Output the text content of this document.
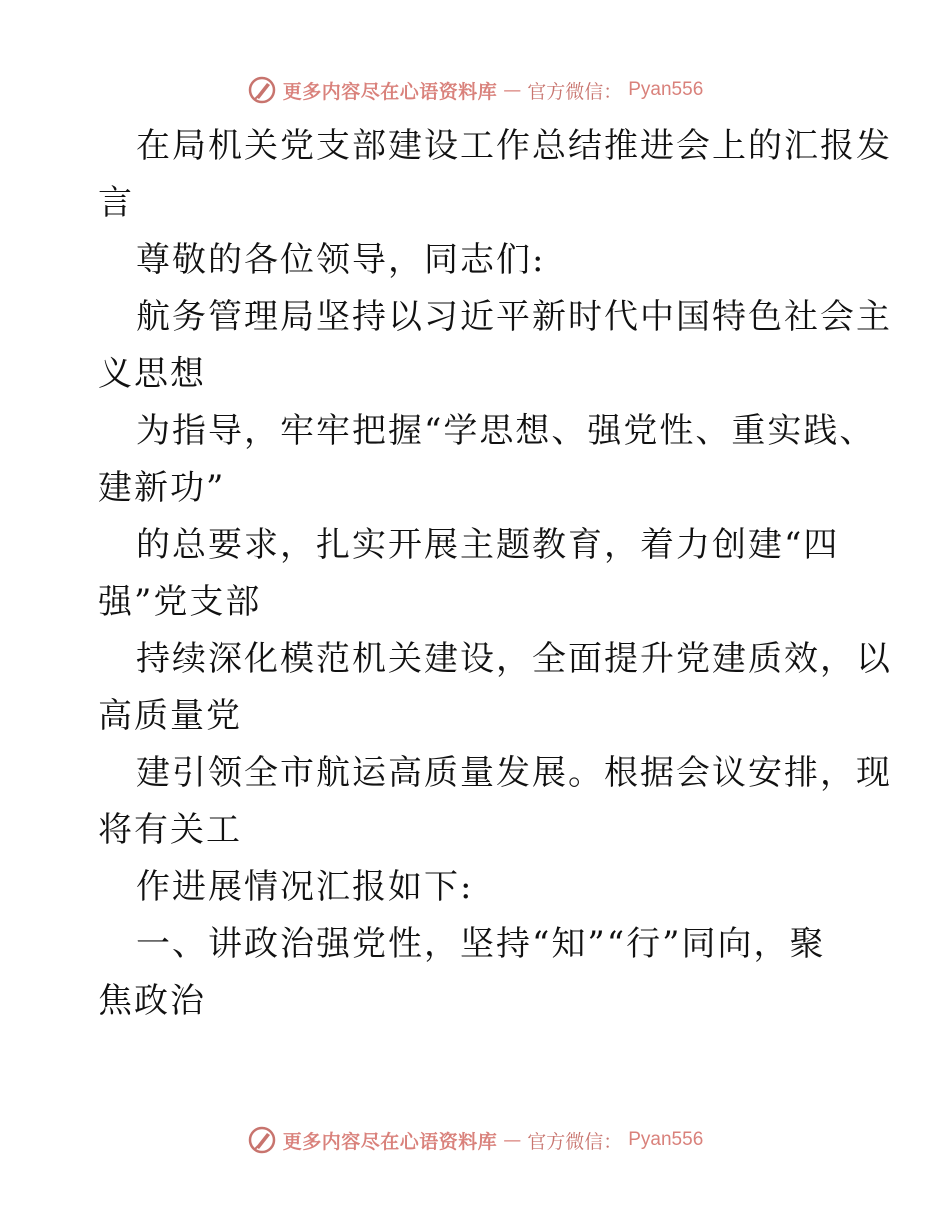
更多内容尽在心语资料库 — 官方微信： Pyan556
在局机关党支部建设工作总结推进会上的汇报发
言
尊敬的各位领导，同志们:
航务管理局坚持以习近平新时代中国特色社会主
义思想
为指导，牢牢把握“学思想、强党性、重实践、
建新功”
的总要求，扎实开展主题教育，着力创建“四
强”党支部
持续深化模范机关建设，全面提升党建质效，以
高质量党
建引领全市航运高质量发展。根据会议安排，现
将有关工
作进展情况汇报如下:
一、讲政治强党性，坚持“知”“行”同向，聚
焦政治
更多内容尽在心语资料库 — 官方微信： Pyan556
